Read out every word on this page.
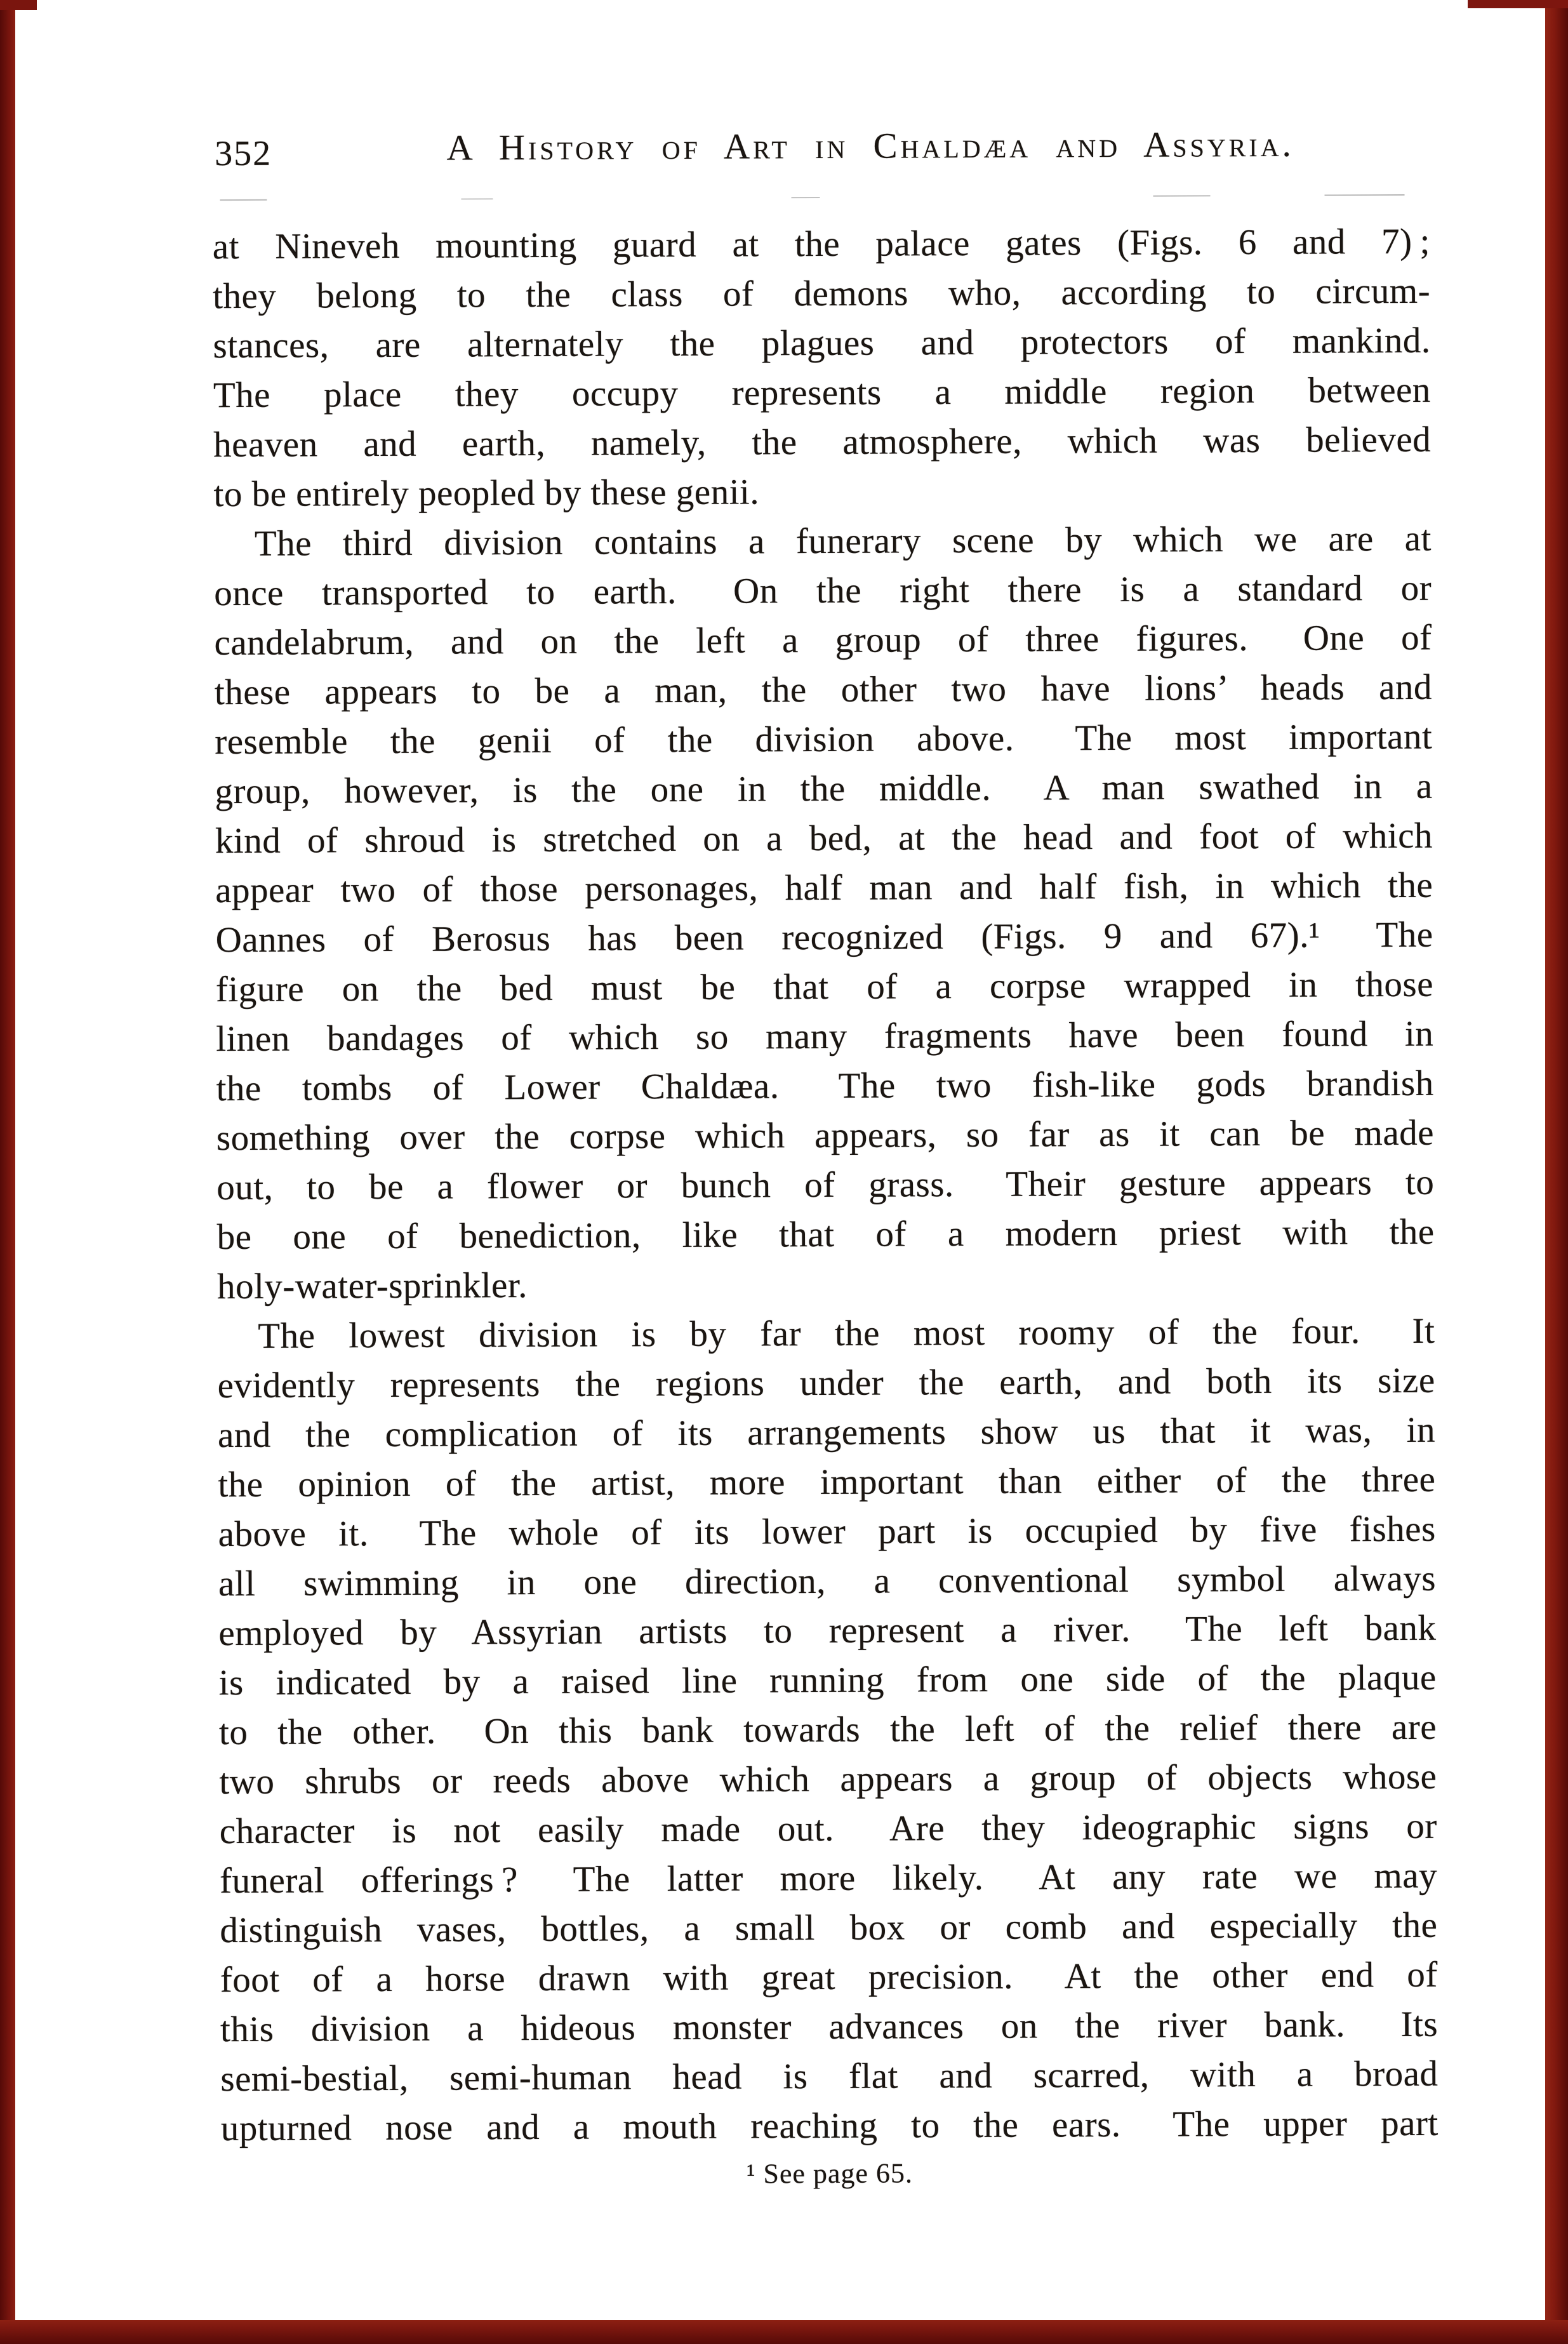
352	A History of Art in Chaldæa and Assyria.
at Nineveh mounting guard at the palace gates (Figs. 6 and 7) ;
they belong to the class of demons who, according to circum-
stances, are alternately the plagues and protectors of mankind.
The place they occupy represents a middle region between
heaven and earth, namely, the atmosphere, which was believed
to be entirely peopled by these genii.
The third division contains a funerary scene by which we are at
once transported to earth.  On the right there is a standard or
candelabrum, and on the left a group of three figures.  One of
these appears to be a man, the other two have lions’ heads and
resemble the genii of the division above.  The most important
group, however, is the one in the middle.  A man swathed in a
kind of shroud is stretched on a bed, at the head and foot of which
appear two of those personages, half man and half fish, in which the
Oannes of Berosus has been recognized (Figs. 9 and 67).¹  The
figure on the bed must be that of a corpse wrapped in those
linen bandages of which so many fragments have been found in
the tombs of Lower Chaldæa.  The two fish-like gods brandish
something over the corpse which appears, so far as it can be made
out, to be a flower or bunch of grass.  Their gesture appears to
be one of benediction, like that of a modern priest with the
holy-water-sprinkler.
The lowest division is by far the most roomy of the four.  It
evidently represents the regions under the earth, and both its size
and the complication of its arrangements show us that it was, in
the opinion of the artist, more important than either of the three
above it.  The whole of its lower part is occupied by five fishes
all swimming in one direction, a conventional symbol always
employed by Assyrian artists to represent a river.  The left bank
is indicated by a raised line running from one side of the plaque
to the other.  On this bank towards the left of the relief there are
two shrubs or reeds above which appears a group of objects whose
character is not easily made out.  Are they ideographic signs or
funeral offerings ?  The latter more likely.  At any rate we may
distinguish vases, bottles, a small box or comb and especially the
foot of a horse drawn with great precision.  At the other end of
this division a hideous monster advances on the river bank.  Its
semi-bestial, semi-human head is flat and scarred, with a broad
upturned nose and a mouth reaching to the ears.  The upper part
¹ See page 65.
